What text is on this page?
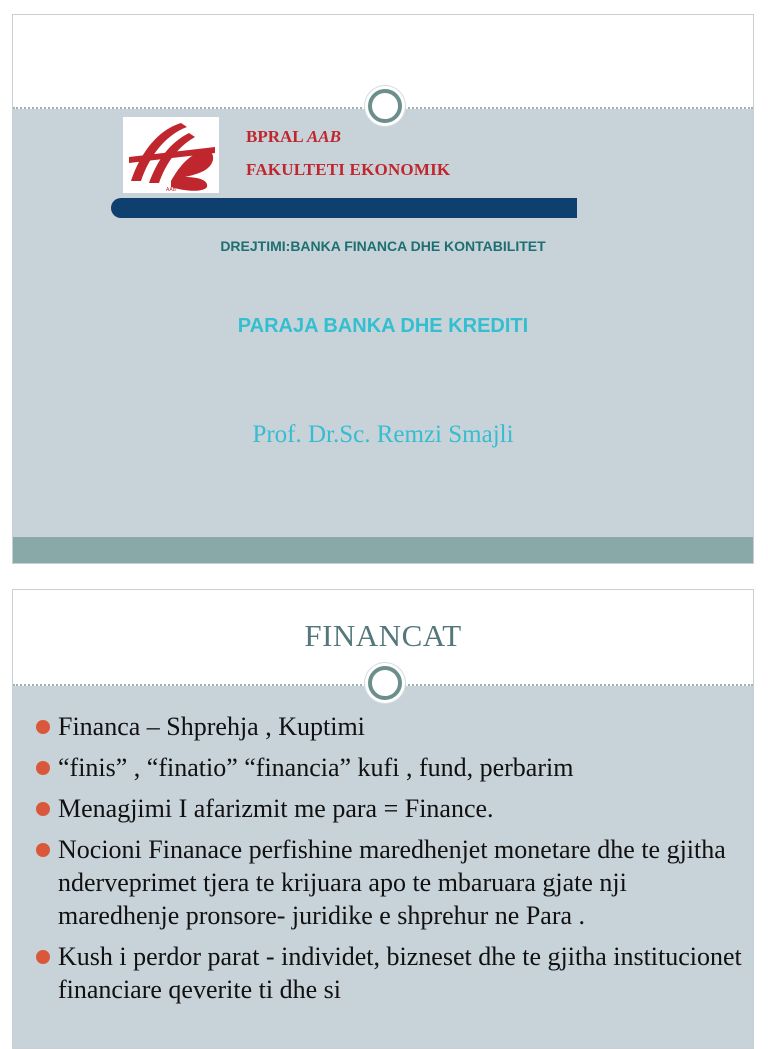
AAB
BPRAL AAB
FAKULTETI EKONOMIK
DREJTIMI:BANKA FINANCA DHE KONTABILITET
PARAJA BANKA DHE KREDITI
Prof. Dr.Sc. Remzi Smajli
FINANCAT
Financa – Shprehja , Kuptimi
“finis” , “finatio” “financia” kufi , fund, perbarim
Menagjimi I afarizmit me para = Finance.
Nocioni Finanace perfishine maredhenjet monetare dhe te gjitha nderveprimet tjera te krijuara apo te mbaruara gjate nji maredhenje pronsore- juridike e shprehur ne Para .
Kush i perdor parat - individet, bizneset dhe te gjitha institucionet financiare qeverite ti dhe si
